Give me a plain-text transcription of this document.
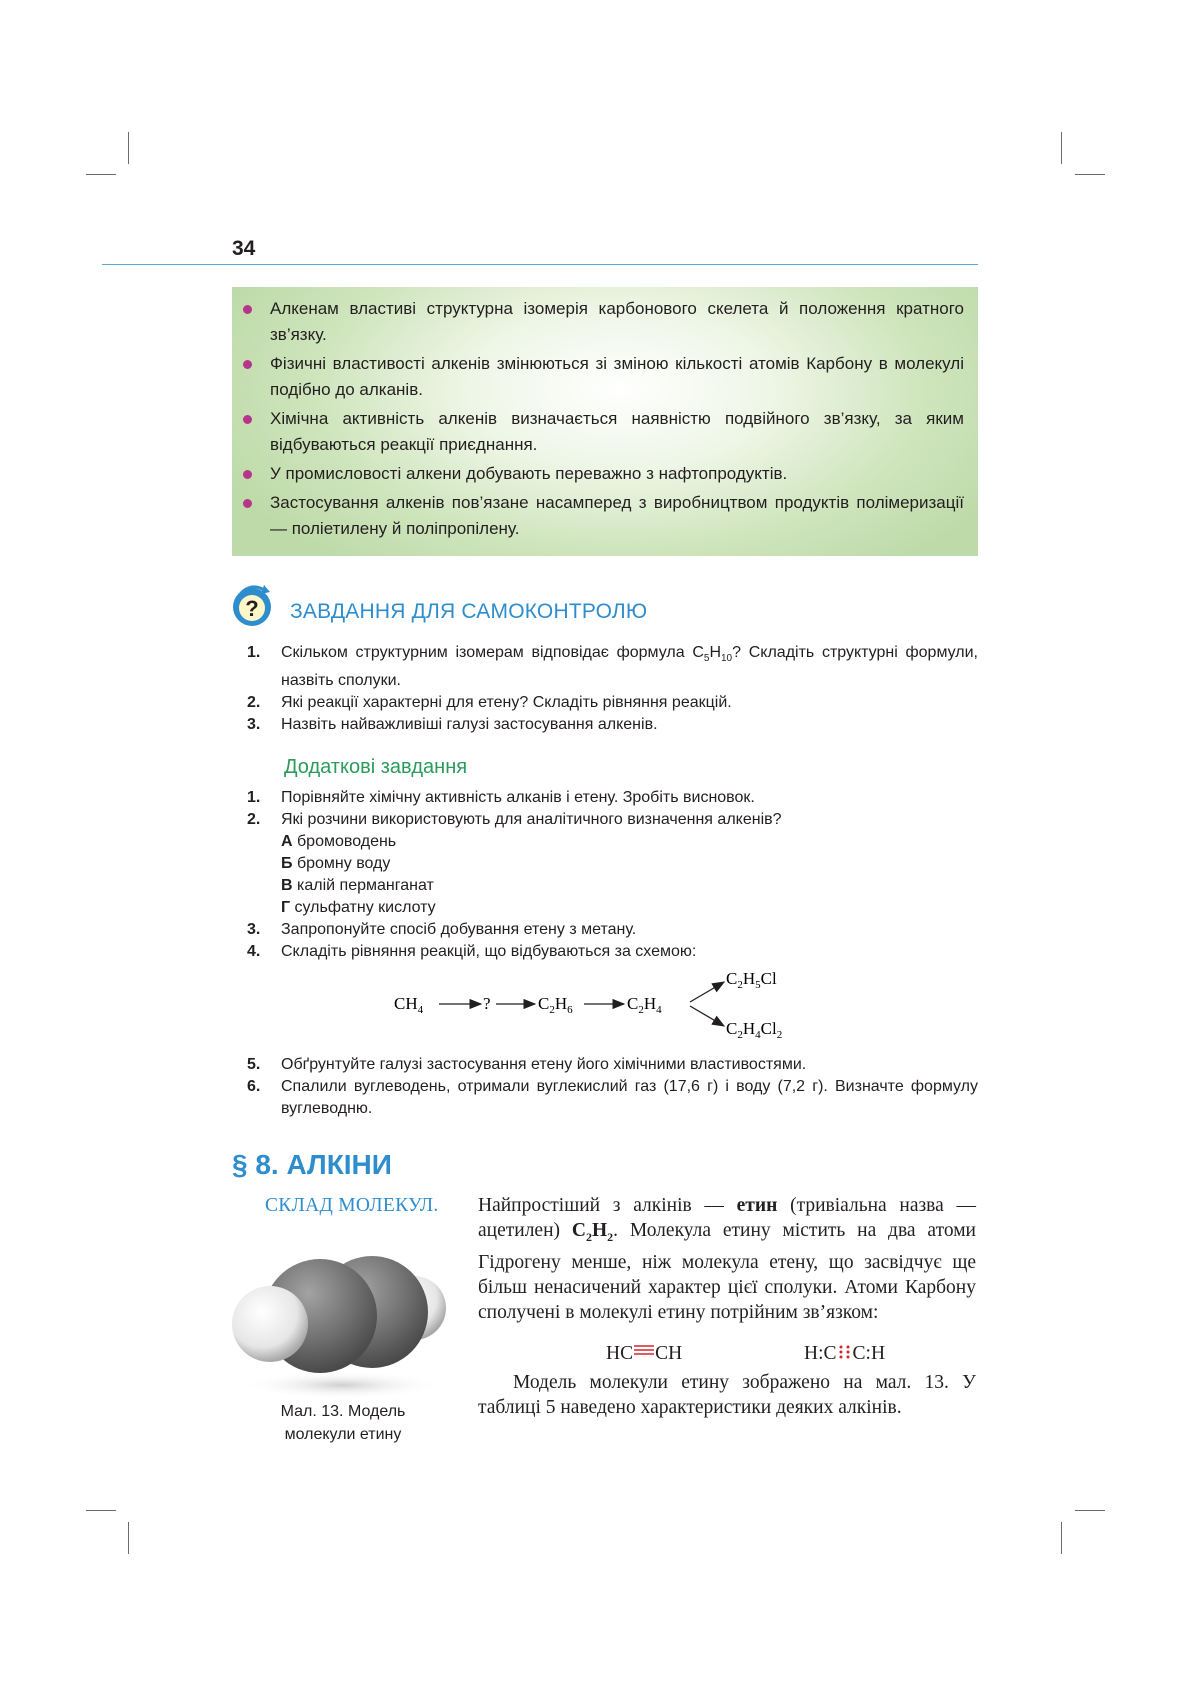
34
Алкенам властиві структурна ізомерія карбонового скелета й положення кратного зв’язку.
Фізичні властивості алкенів змінюються зі зміною кількості атомів Карбону в молекулі подібно до алканів.
Хімічна активність алкенів визначається наявністю подвійного зв’язку, за яким відбуваються реакції приєднання.
У промисловості алкени добувають переважно з нафтопродуктів.
Застосування алкенів пов’язане насамперед з виробництвом продуктів полімеризації — поліетилену й поліпропілену.
? ЗАВДАННЯ ДЛЯ САМОКОНТРОЛЮ
1. Скільком структурним ізомерам відповідає формула $C_5H_{10}$? Складіть структурні формули, назвіть сполуки.
2. Які реакції характерні для етену? Складіть рівняння реакцій.
3. Назвіть найважливіші галузі застосування алкенів.
Додаткові завдання
1. Порівняйте хімічну активність алканів і етену. Зробіть висновок.
2. Які розчини використовують для аналітичного визначення алкенів?
А бромоводень
Б бромну воду
В калій перманганат
Г сульфатну кислоту
3. Запропонуйте спосіб добування етену з метану.
4. Складіть рівняння реакцій, що відбуваються за схемою:
$CH_4$	?	$C_2H_6$	$C_2H_4$
$C_2H_5Cl$
$C_2H_4Cl_2$
5. Обґрунтуйте галузі застосування етену його хімічними властивостями.
6. Спалили вуглеводень, отримали вуглекислий газ (17,6 г) і воду (7,2 г). Визначте формулу вуглеводню.
§ 8. АЛКІНИ
СКЛАД МОЛЕКУЛ. Найпростіший з алкінів — етин (тривіальна назва — ацетилен) $C_2H_2$. Молекула етину містить на два атоми Гідрогену менше, ніж молекула етену, що засвідчує ще більш ненасичений характер цієї сполуки. Атоми Карбону сполучені в молекулі етину потрійним зв’язком:
HC CH	H:C C:H
Модель молекули етину зображено на мал. 13. У таблиці 5 наведено характеристики деяких алкінів.
Мал. 13. Модель
молекули етину
